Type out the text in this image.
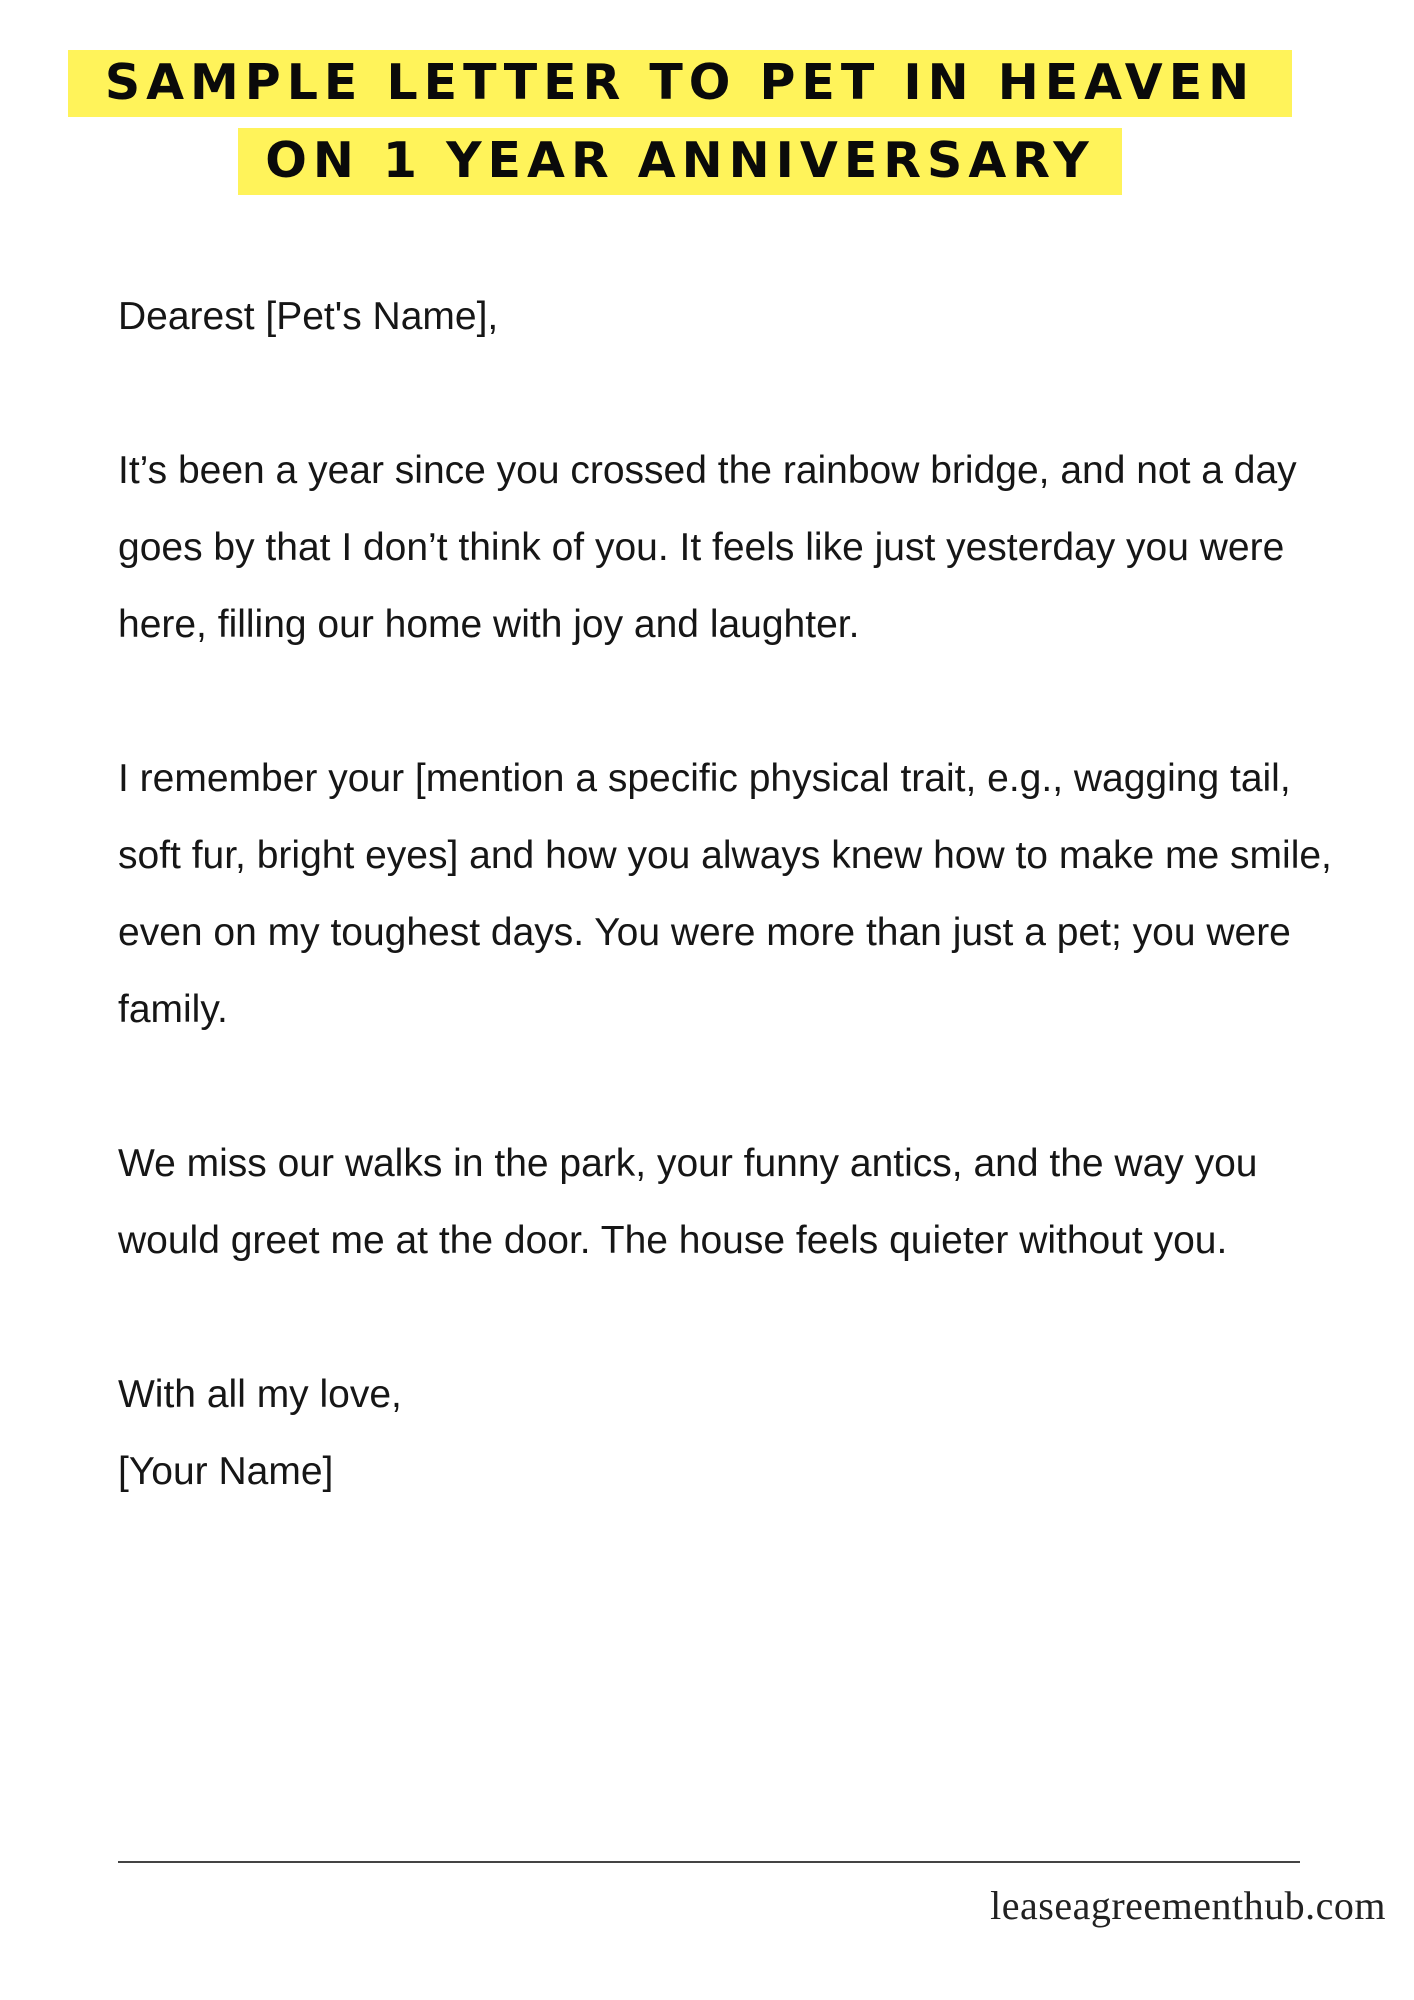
SAMPLE LETTER TO PET IN HEAVEN
ON 1 YEAR ANNIVERSARY

Dearest [Pet's Name],

It’s been a year since you crossed the rainbow bridge, and not a day goes by that I don’t think of you. It feels like just yesterday you were here, filling our home with joy and laughter.

I remember your [mention a specific physical trait, e.g., wagging tail, soft fur, bright eyes] and how you always knew how to make me smile, even on my toughest days. You were more than just a pet; you were family.

We miss our walks in the park, your funny antics, and the way you would greet me at the door. The house feels quieter without you.

With all my love,

[Your Name]

leaseagreementhub.com
